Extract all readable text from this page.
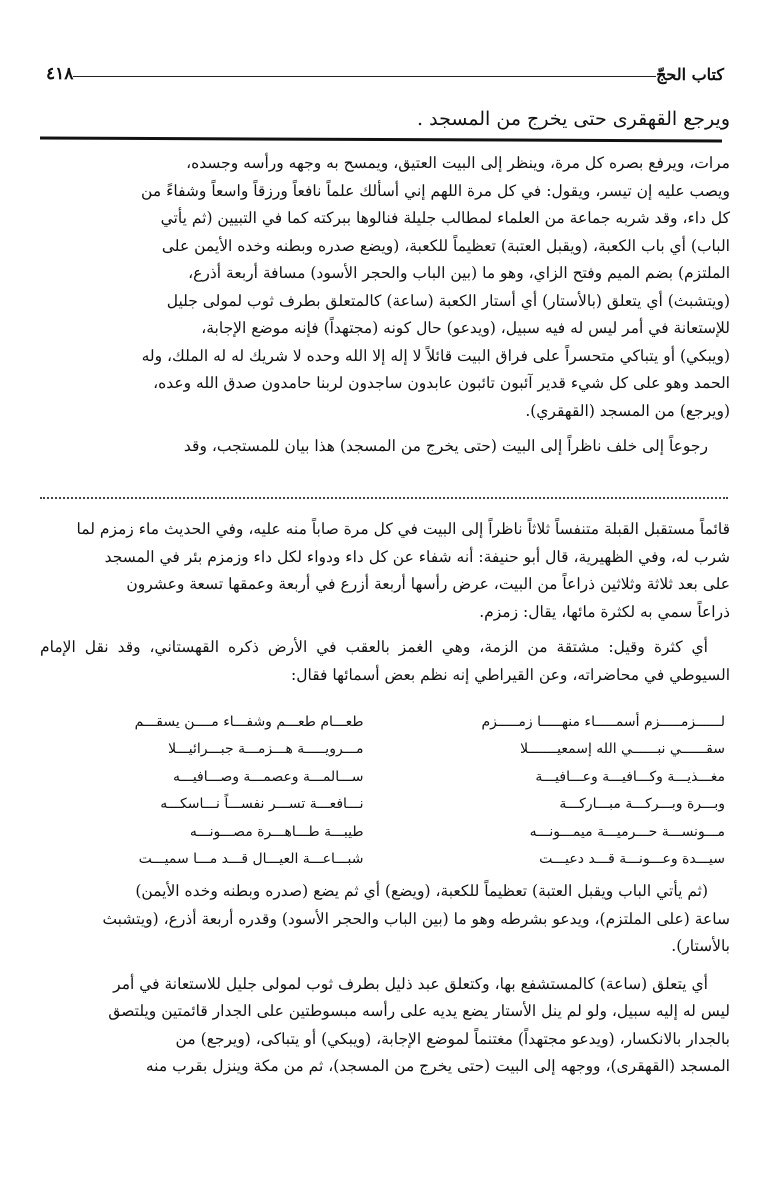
كتاب الحجّ
٤١٨
ويرجع القهقرى حتى يخرج من المسجد .

مرات، ويرفع بصره كل مرة، وينظر إلى البيت العتيق، ويمسح به وجهه ورأسه وجسده،

ويصب عليه إن تيسر، ويقول: في كل مرة اللهم إني أسألك علماً نافعاً ورزقاً واسعاً وشفاءً من

كل داء، وقد شربه جماعة من العلماء لمطالب جليلة فنالوها ببركته كما في التبيين (ثم يأتي

الباب) أي باب الكعبة، (ويقبل العتبة) تعظيماً للكعبة، (ويضع صدره وبطنه وخده الأيمن على

الملتزم) بضم الميم وفتح الزاي، وهو ما (بين الباب والحجر الأسود) مسافة أربعة أذرع،

(ويتشبث) أي يتعلق (بالأستار) أي أستار الكعبة (ساعة) كالمتعلق بطرف ثوب لمولى جليل

للإستعانة في أمر ليس له فيه سبيل، (ويدعو) حال كونه (مجتهداً) فإنه موضع الإجابة،

(ويبكي) أو يتباكي متحسراً على فراق البيت قائلاً لا إله إلا الله وحده لا شريك له له الملك، وله

الحمد وهو على كل شيء قدير آئبون تائبون عابدون ساجدون لربنا حامدون صدق الله وعده،

(ويرجع) من المسجد (القهقري).

رجوعاً إلى خلف ناظراً إلى البيت (حتى يخرج من المسجد) هذا بيان للمستجب، وقد

قائماً مستقبل القبلة متنفساً ثلاثاً ناظراً إلى البيت في كل مرة صاباً منه عليه، وفي الحديث ماء زمزم لما

شرب له، وفي الظهيرية، قال أبو حنيفة: أنه شفاء عن كل داء ودواء لكل داء وزمزم بئر في المسجد

على بعد ثلاثة وثلاثين ذراعاً من البيت، عرض رأسها أربعة أزرع في أربعة وعمقها تسعة وعشرون

ذراعاً سمي به لكثرة مائها، يقال: زمزم.

أي كثرة وقيل: مشتقة من الزمة، وهي الغمز بالعقب في الأرض ذكره القهستاني، وقد نقل الإمام السيوطي في محاضراته، وعن القيراطي إنه نظم بعض أسمائها فقال:

لــــــزمـــــزم أسمـــــاء منهـــــا زمـــــزم
طعـــام طعـــم وشفـــاء مــــن يسقـــم
سقــــــي نبــــــي الله إسمعيـــــــلا
مـــرويـــــة هـــزمـــة جبـــرائيـــلا
مغـــذيـــة وكـــافيـــة وعـــافيـــة
ســـالمـــة وعصمـــة وصـــافيـــه
وبـــرة وبـــركـــة مبـــاركـــة
نـــافعـــة تســـر نفســـاً نـــاسكـــه
مـــونســـة حـــرميـــة ميمـــونـــه
طيبـــة طـــاهـــرة مصـــونـــه
سيـــدة وعـــونـــة قـــد دعيـــت
شبـــاعـــة العيـــال قـــد مـــا سميـــت

(ثم يأتي الباب ويقبل العتبة) تعظيماً للكعبة، (ويضع) أي ثم يضع (صدره وبطنه وخده الأيمن)

ساعة (على الملتزم)، ويدعو بشرطه وهو ما (بين الباب والحجر الأسود) وقدره أربعة أذرع، (ويتشبث

بالأستار).

أي يتعلق (ساعة) كالمستشفع بها، وكتعلق عبد ذليل بطرف ثوب لمولى جليل للاستعانة في أمر

ليس له إليه سبيل، ولو لم ينل الأستار يضع يديه على رأسه مبسوطتين على الجدار قائمتين ويلتصق

بالجدار بالانكسار، (ويدعو مجتهداً) مغتنماً لموضع الإجابة، (ويبكي) أو يتباكى، (ويرجع) من

المسجد (القهقرى)، ووجهه إلى البيت (حتى يخرج من المسجد)، ثم من مكة وينزل بقرب منه
